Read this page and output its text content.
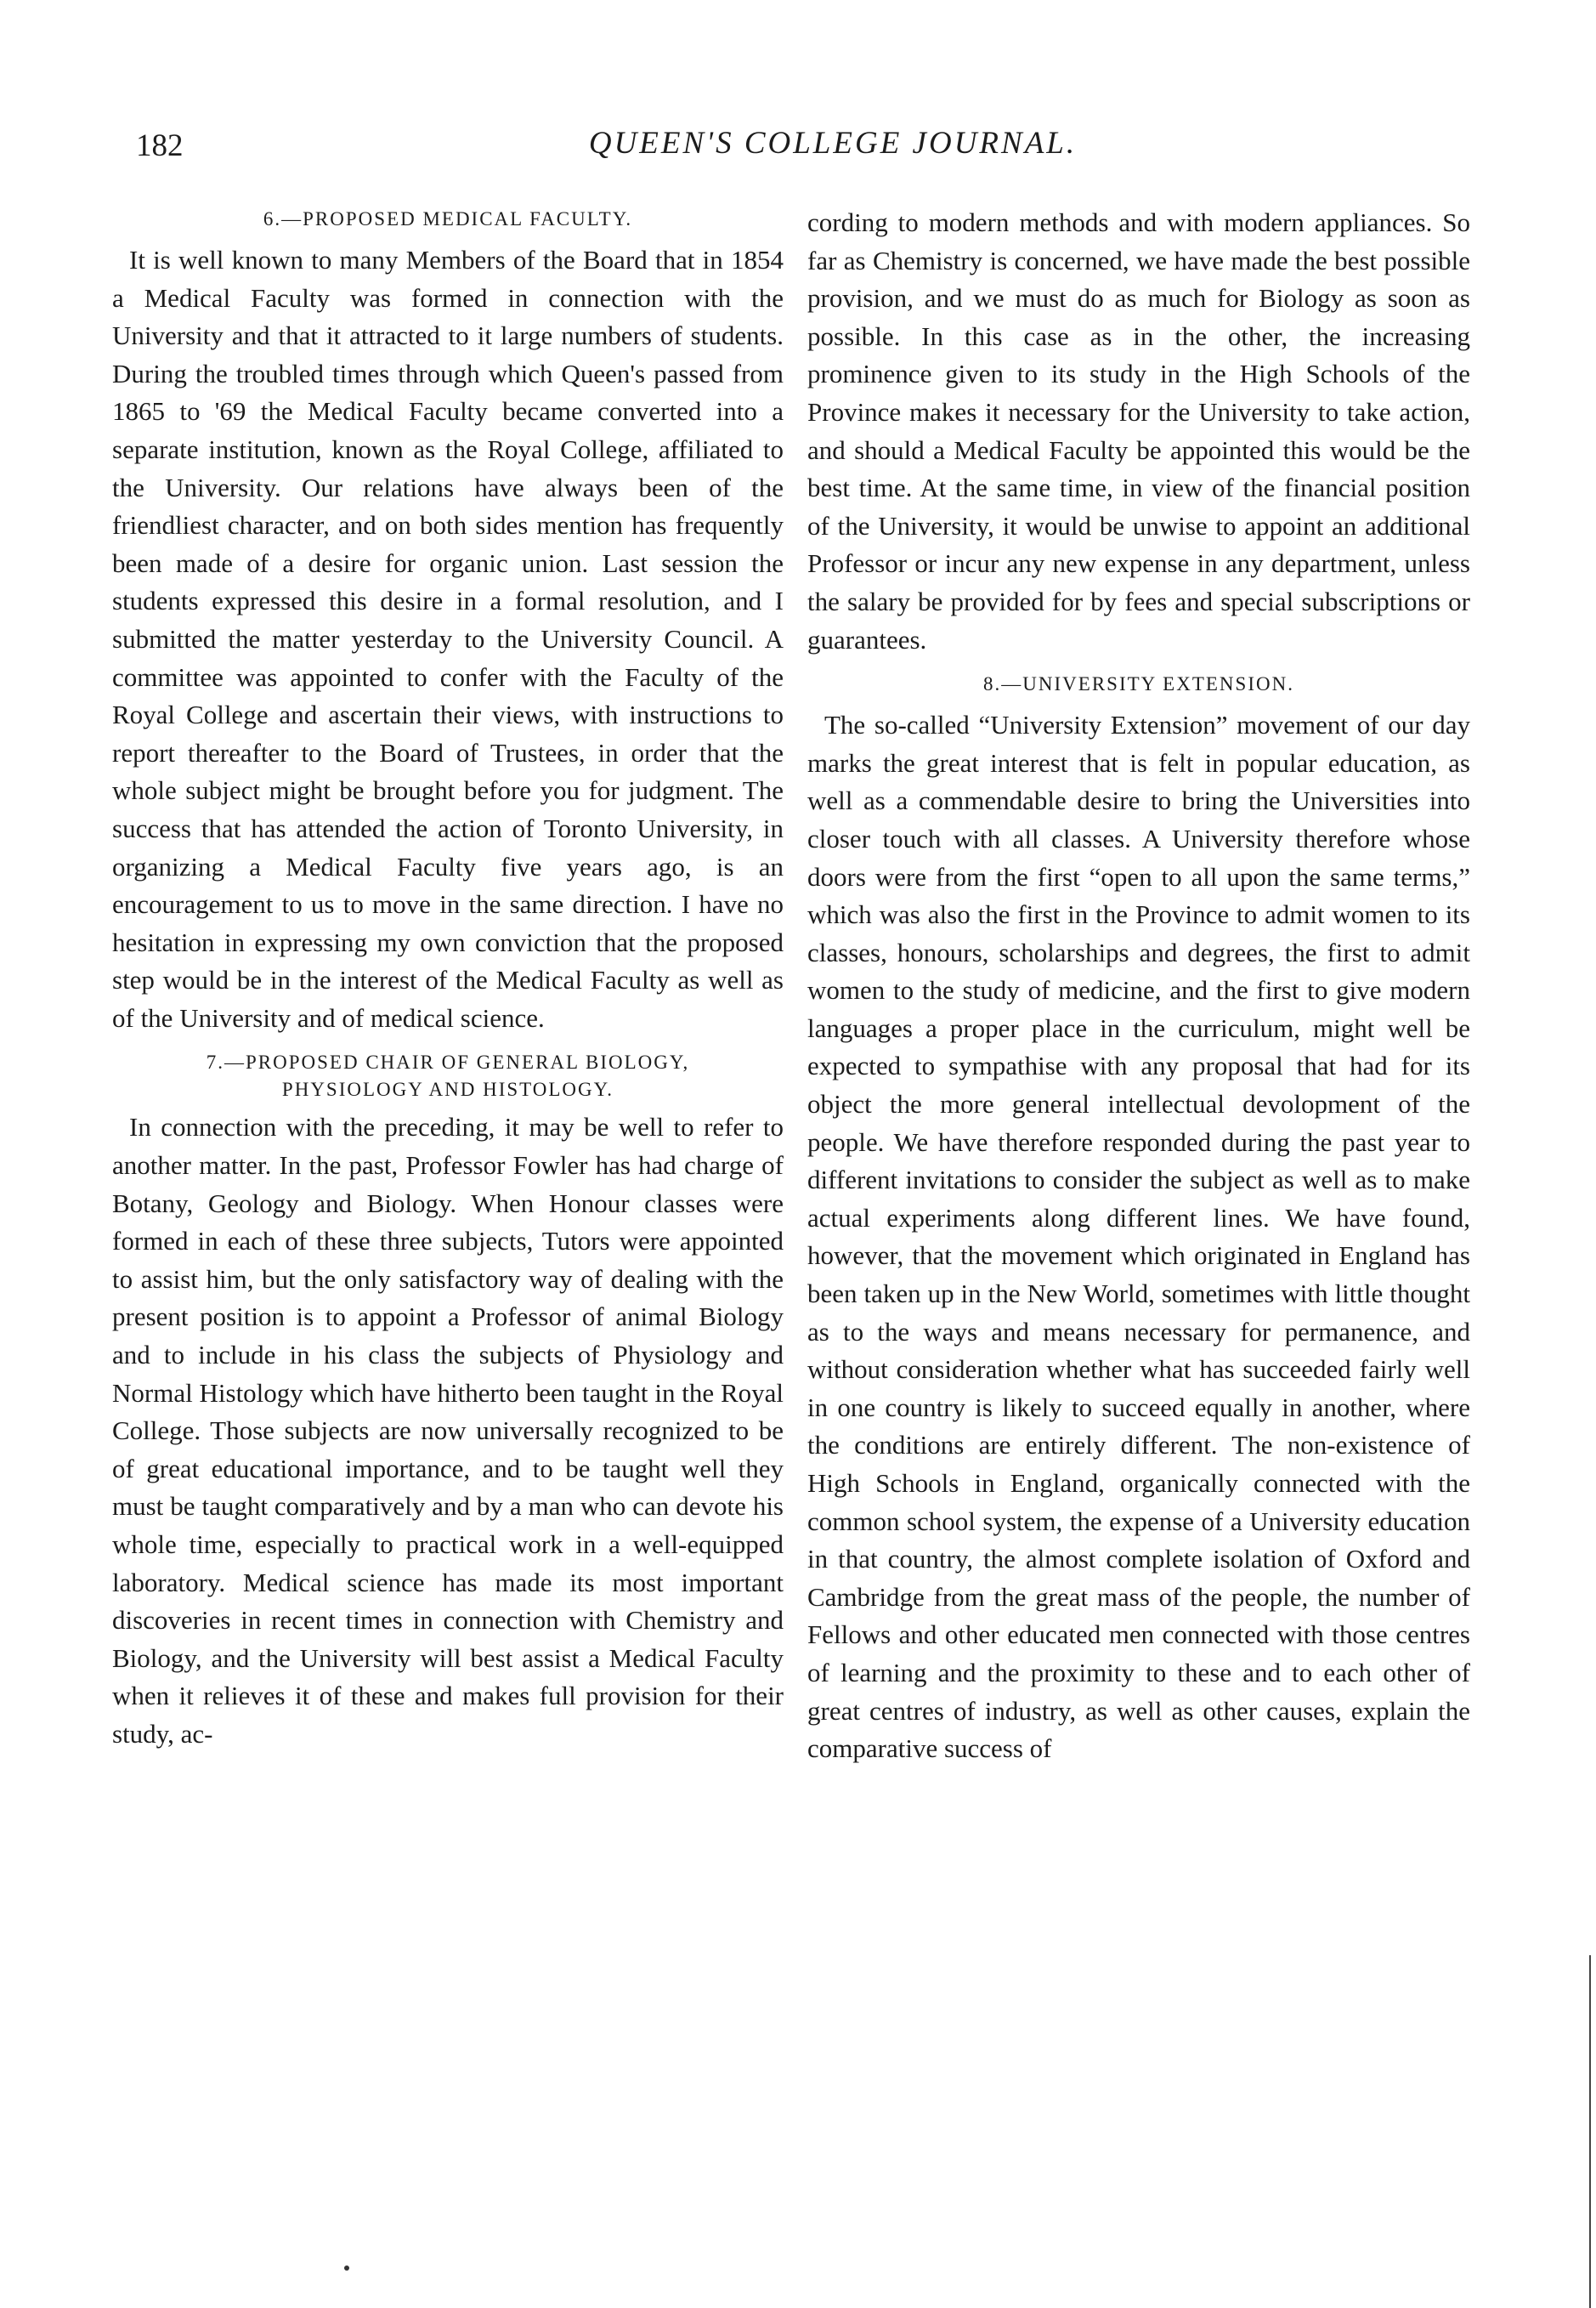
182	QUEEN'S COLLEGE JOURNAL.
6.—PROPOSED MEDICAL FACULTY.

It is well known to many Members of the Board that in 1854 a Medical Faculty was formed in connection with the University and that it attracted to it large numbers of students. During the troubled times through which Queen's passed from 1865 to '69 the Medical Faculty became converted into a separate institution, known as the Royal College, affiliated to the University. Our relations have always been of the friendliest character, and on both sides mention has frequently been made of a desire for organic union. Last session the students expressed this desire in a formal resolution, and I submitted the matter yesterday to the University Council. A committee was appointed to confer with the Faculty of the Royal College and ascertain their views, with instructions to report thereafter to the Board of Trustees, in order that the whole subject might be brought before you for judgment. The success that has attended the action of Toronto University, in organizing a Medical Faculty five years ago, is an encouragement to us to move in the same direction. I have no hesitation in expressing my own conviction that the proposed step would be in the interest of the Medical Faculty as well as of the University and of medical science.

7.—PROPOSED CHAIR OF GENERAL BIOLOGY,
PHYSIOLOGY AND HISTOLOGY.

In connection with the preceding, it may be well to refer to another matter. In the past, Professor Fowler has had charge of Botany, Geology and Biology. When Honour classes were formed in each of these three subjects, Tutors were appointed to assist him, but the only satisfactory way of dealing with the present position is to appoint a Professor of animal Biology and to include in his class the subjects of Physiology and Normal Histology which have hitherto been taught in the Royal College. Those subjects are now universally recognized to be of great educational importance, and to be taught well they must be taught comparatively and by a man who can devote his whole time, especially to practical work in a well-equipped laboratory. Medical science has made its most important discoveries in recent times in connection with Chemistry and Biology, and the University will best assist a Medical Faculty when it relieves it of these and makes full provision for their study, ac-

cording to modern methods and with modern appliances. So far as Chemistry is concerned, we have made the best possible provision, and we must do as much for Biology as soon as possible. In this case as in the other, the increasing prominence given to its study in the High Schools of the Province makes it necessary for the University to take action, and should a Medical Faculty be appointed this would be the best time. At the same time, in view of the financial position of the University, it would be unwise to appoint an additional Professor or incur any new expense in any department, unless the salary be provided for by fees and special subscriptions or guarantees.

8.—UNIVERSITY EXTENSION.

The so-called “University Extension” movement of our day marks the great interest that is felt in popular education, as well as a commendable desire to bring the Universities into closer touch with all classes. A University therefore whose doors were from the first “open to all upon the same terms,” which was also the first in the Province to admit women to its classes, honours, scholarships and degrees, the first to admit women to the study of medicine, and the first to give modern languages a proper place in the curriculum, might well be expected to sympathise with any proposal that had for its object the more general intellectual devolopment of the people. We have therefore responded during the past year to different invitations to consider the subject as well as to make actual experiments along different lines. We have found, however, that the movement which originated in England has been taken up in the New World, sometimes with little thought as to the ways and means necessary for permanence, and without consideration whether what has succeeded fairly well in one country is likely to succeed equally in another, where the conditions are entirely different. The non-existence of High Schools in England, organically connected with the common school system, the expense of a University education in that country, the almost complete isolation of Oxford and Cambridge from the great mass of the people, the number of Fellows and other educated men connected with those centres of learning and the proximity to these and to each other of great centres of industry, as well as other causes, explain the comparative success of
